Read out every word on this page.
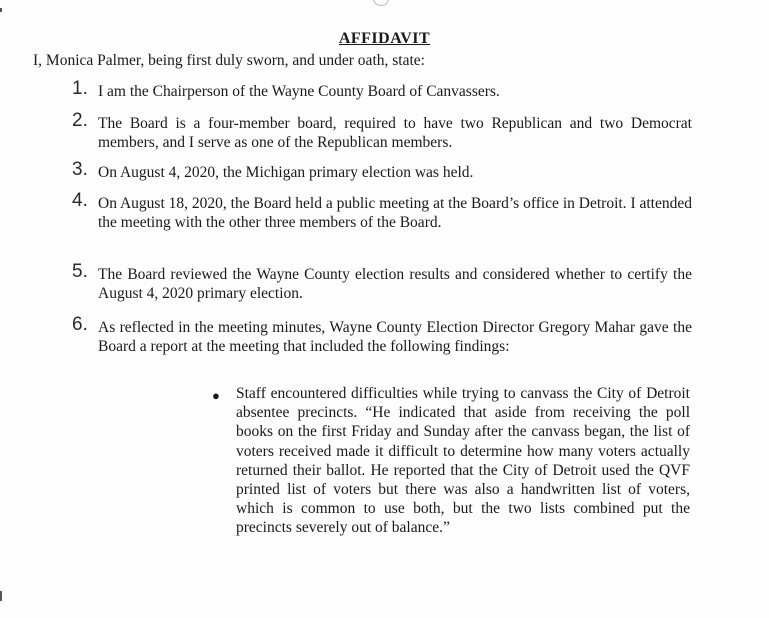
AFFIDAVIT
I, Monica Palmer, being first duly sworn, and under oath, state:
1. I am the Chairperson of the Wayne County Board of Canvassers.
2. The Board is a four-member board, required to have two Republican and two Democrat members, and I serve as one of the Republican members.
3. On August 4, 2020, the Michigan primary election was held.
4. On August 18, 2020, the Board held a public meeting at the Board’s office in Detroit. I attended the meeting with the other three members of the Board.
5. The Board reviewed the Wayne County election results and considered whether to certify the August 4, 2020 primary election.
6. As reflected in the meeting minutes, Wayne County Election Director Gregory Mahar gave the Board a report at the meeting that included the following findings:
● Staff encountered difficulties while trying to canvass the City of Detroit absentee precincts. “He indicated that aside from receiving the poll books on the first Friday and Sunday after the canvass began, the list of voters received made it difficult to determine how many voters actually returned their ballot. He reported that the City of Detroit used the QVF printed list of voters but there was also a handwritten list of voters, which is common to use both, but the two lists combined put the precincts severely out of balance.”
